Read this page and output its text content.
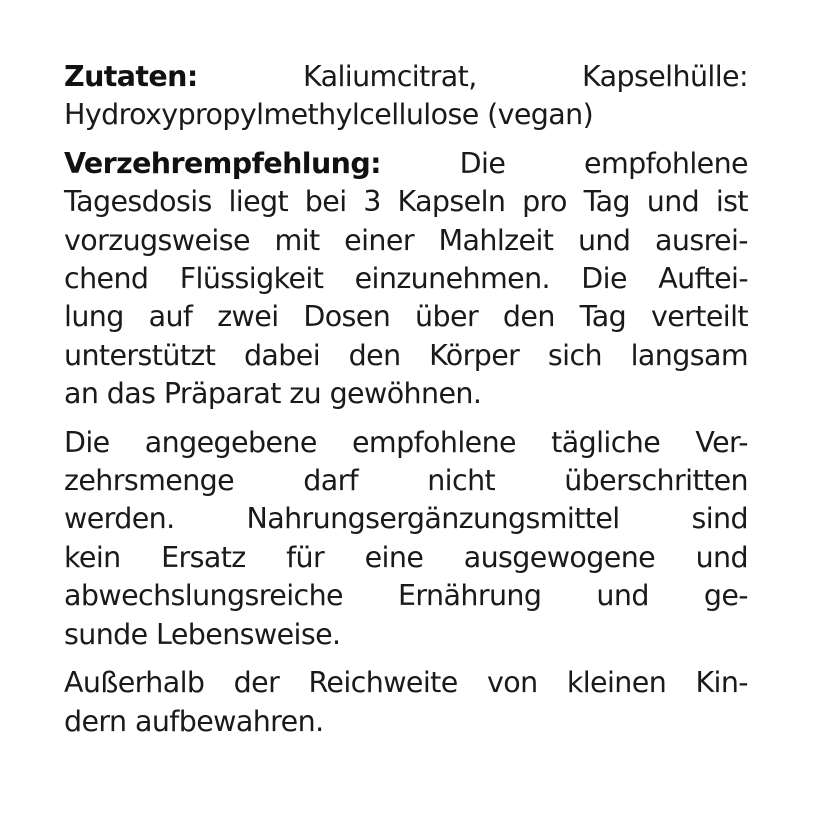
Zutaten: Kaliumcitrat, Kapselhülle:
Hydroxypropylmethylcellulose (vegan)

Verzehrempfehlung: Die empfohlene
Tagesdosis liegt bei 3 Kapseln pro Tag und ist
vorzugsweise mit einer Mahlzeit und ausrei-
chend Flüssigkeit einzunehmen. Die Auftei-
lung auf zwei Dosen über den Tag verteilt
unterstützt dabei den Körper sich langsam
an das Präparat zu gewöhnen.

Die angegebene empfohlene tägliche Ver-
zehrsmenge darf nicht überschritten
werden. Nahrungsergänzungsmittel sind
kein Ersatz für eine ausgewogene und
abwechslungsreiche Ernährung und ge-
sunde Lebensweise.

Außerhalb der Reichweite von kleinen Kin-
dern aufbewahren.
